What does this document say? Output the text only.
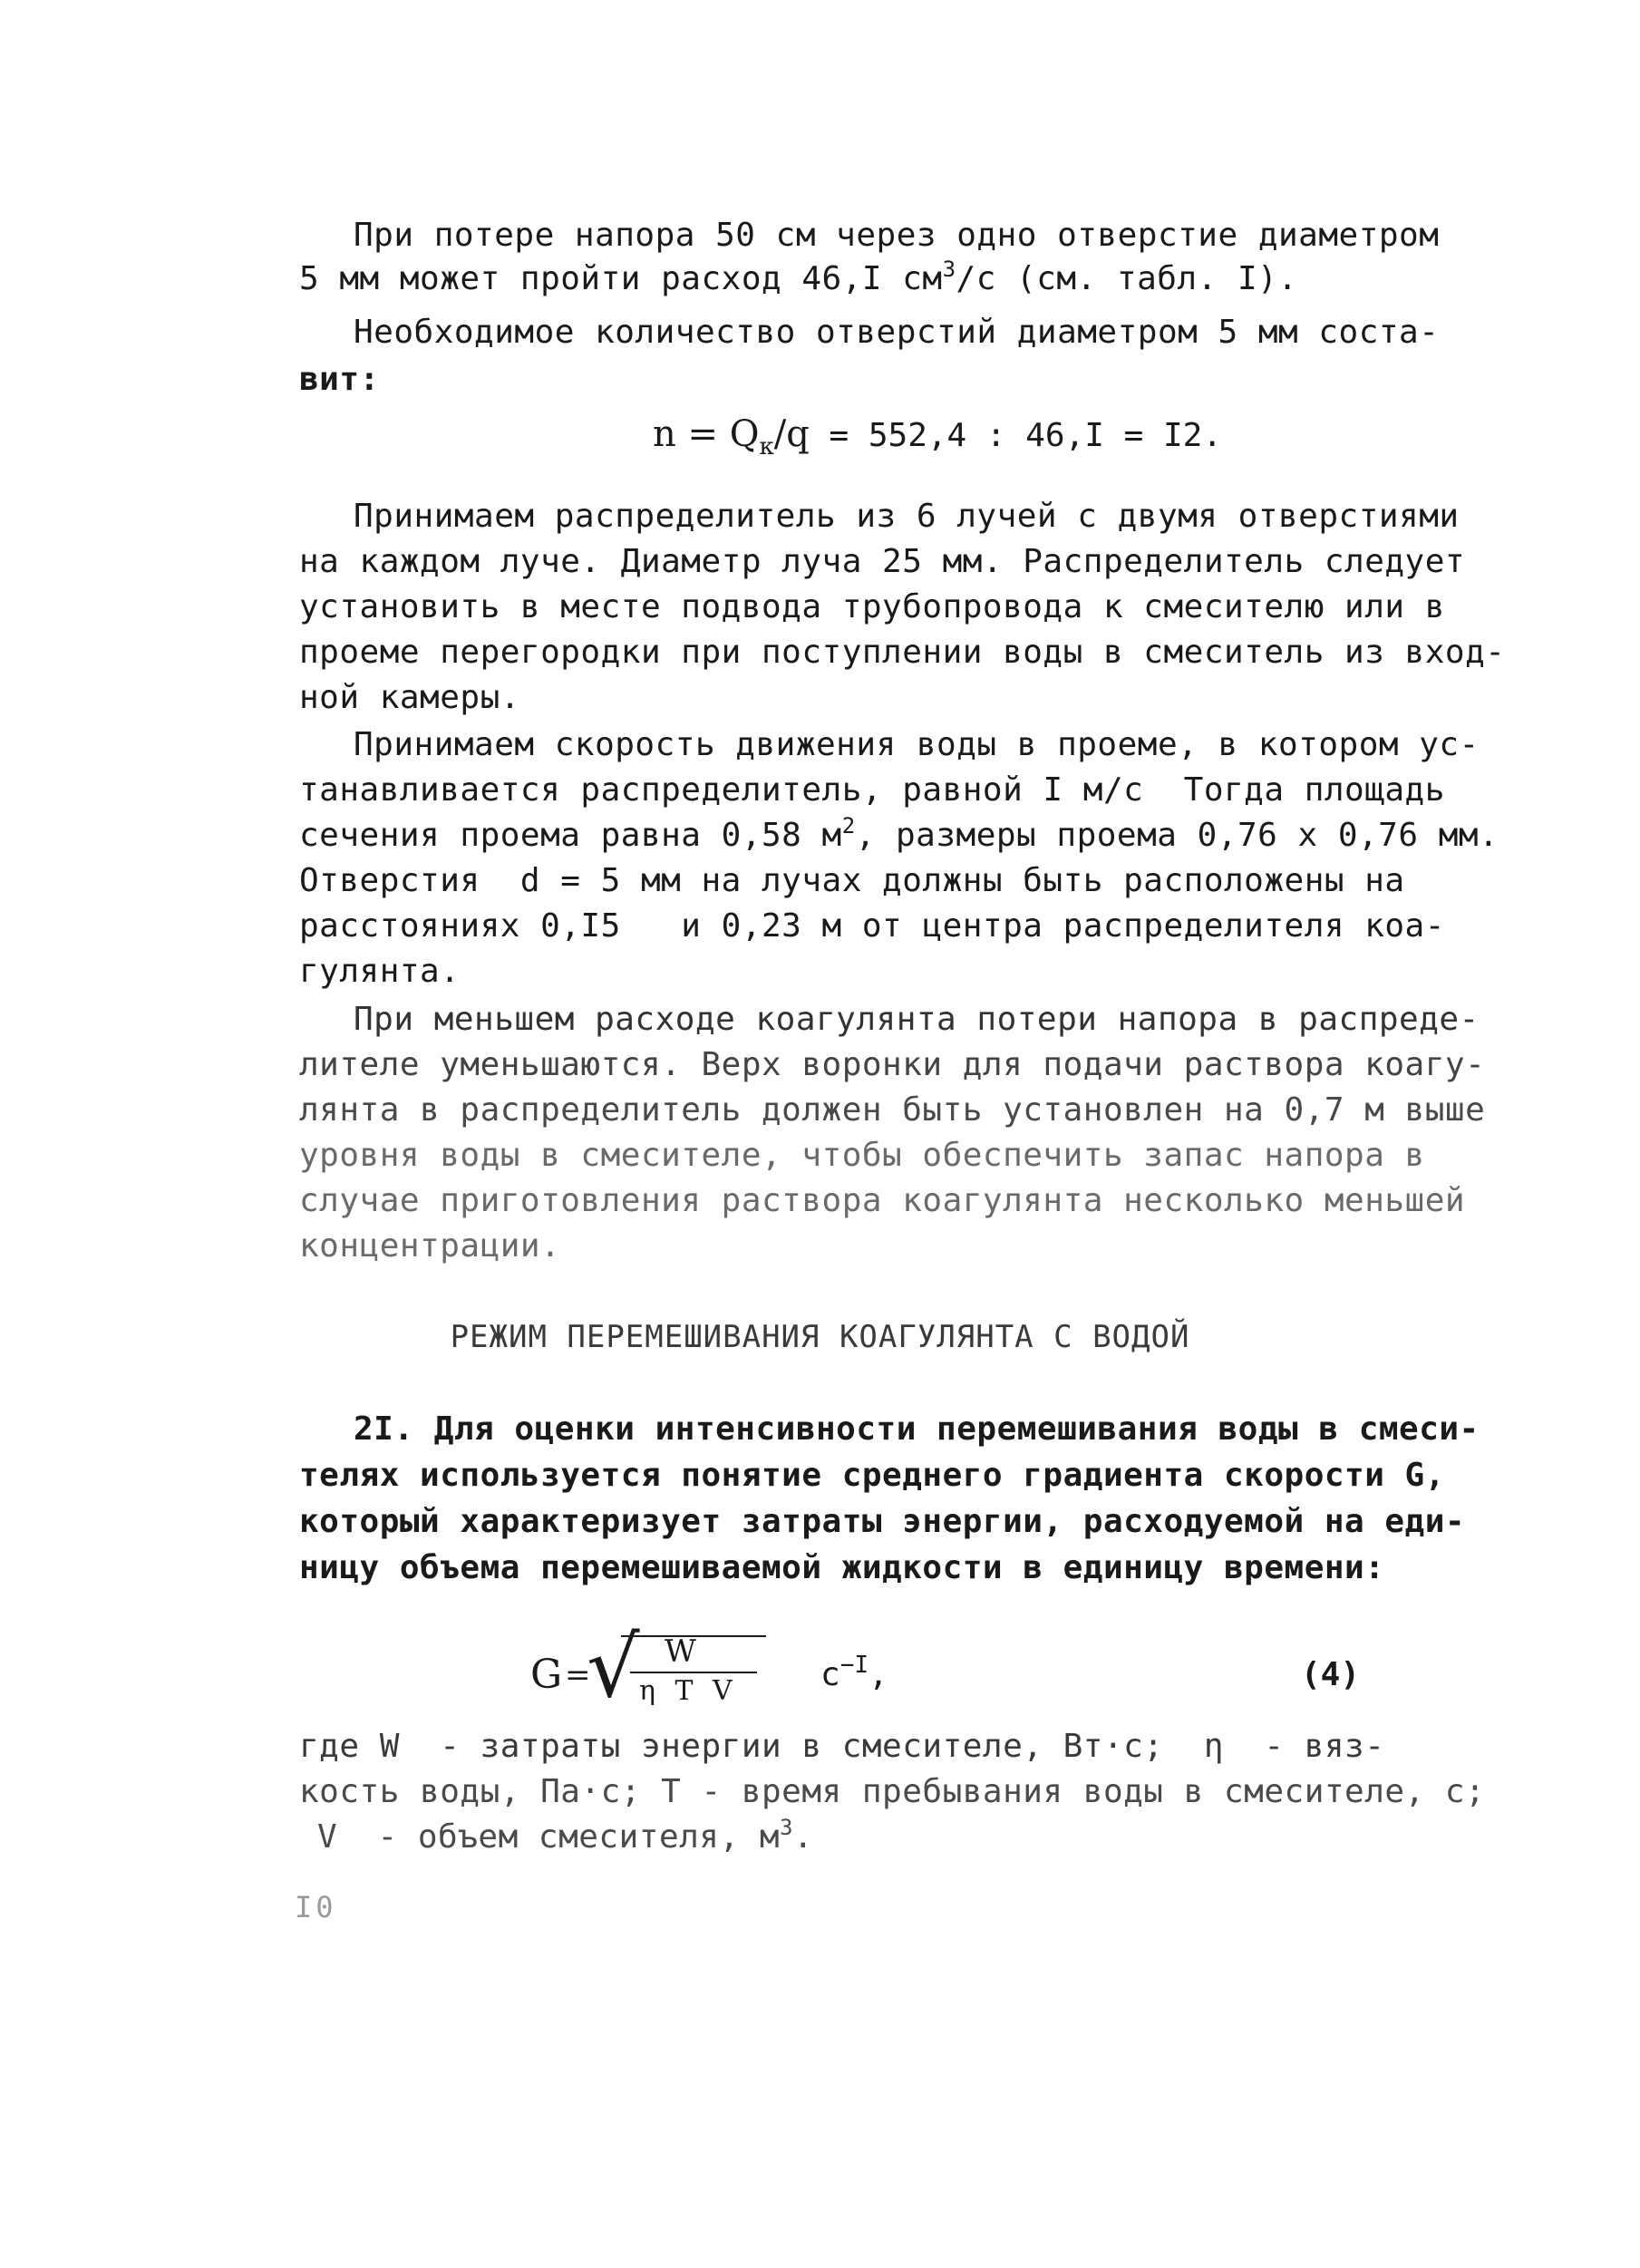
При потере напора 50 см через одно отверстие диаметром
5 мм может пройти расход 46,I $см^3/с$ (см. табл. I).
Необходимое количество отверстий диаметром 5 мм соста-
вит:
$n = Q_к/q = 552,4$ : 46,I = I2.
Принимаем распределитель из 6 лучей с двумя отверстиями
на каждом луче. Диаметр луча 25 мм. Распределитель следует
установить в месте подвода трубопровода к смесителю или в
проеме перегородки при поступлении воды в смеситель из вход-
ной камеры.
Принимаем скорость движения воды в проеме, в котором ус-
танавливается распределитель, равной I м/с  Тогда площадь
сечения проема равна 0,58 $м^2$, размеры проема 0,76 х 0,76 мм.
Отверстия  d = 5 мм на лучах должны быть расположены на
расстояниях 0,I5   и 0,23 м от центра распределителя коа-
гулянта.
При меньшем расходе коагулянта потери напора в распреде-
лителе уменьшаются. Верх воронки для подачи раствора коагу-
лянта в распределитель должен быть установлен на 0,7 м выше
уровня воды в смесителе, чтобы обеспечить запас напора в
случае приготовления раствора коагулянта несколько меньшей
концентрации.
РЕЖИМ ПЕРЕМЕШИВАНИЯ КОАГУЛЯНТА С ВОДОЙ
2I. Для оценки интенсивности перемешивания воды в смеси-
телях используется понятие среднего градиента скорости G,
который характеризует затраты энергии, расходуемой на еди-
ницу объема перемешиваемой жидкости в единицу времени:
G =
√ W
η T V	$c^{-I}$,	(4)
где W  - затраты энергии в смесителе, Вт·с;  η  - вяз-
кость воды, Па·с; T - время пребывания воды в смесителе, с;
V  - объем смесителя, $м^3$.
I0
